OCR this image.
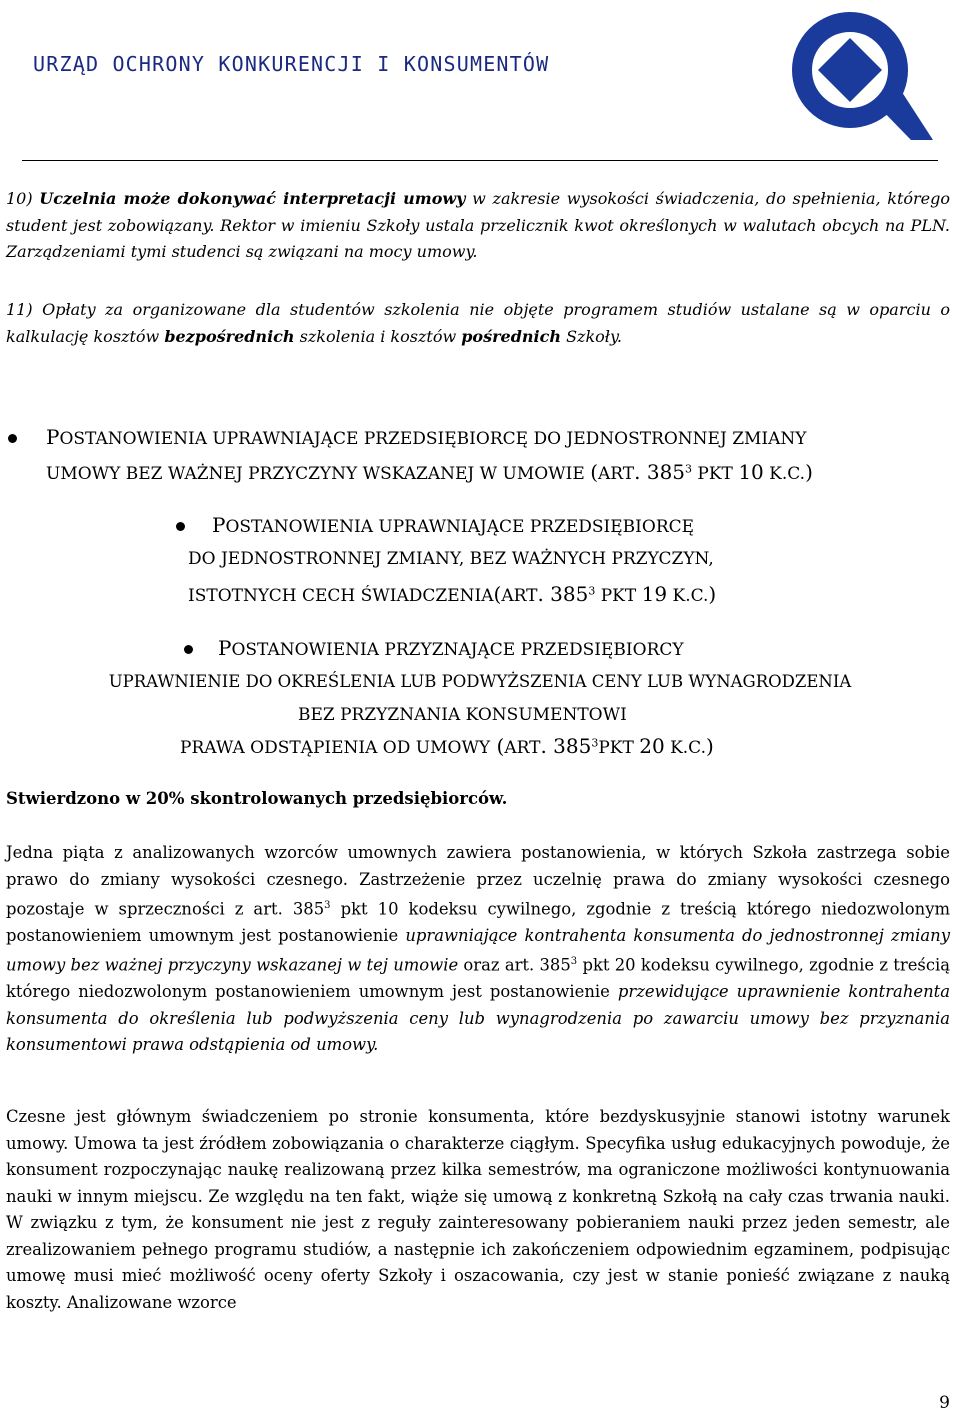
URZĄD OCHRONY KONKURENCJI I KONSUMENTÓW

10) Uczelnia może dokonywać interpretacji umowy w zakresie wysokości świadczenia, do spełnienia, którego student jest zobowiązany. Rektor w imieniu Szkoły ustala przelicznik kwot określonych w walutach obcych na PLN. Zarządzeniami tymi studenci są związani na mocy umowy.

11) Opłaty za organizowane dla studentów szkolenia nie objęte programem studiów ustalane są w oparciu o kalkulację kosztów bezpośrednich szkolenia i kosztów pośrednich Szkoły.

POSTANOWIENIA UPRAWNIAJĄCE PRZEDSIĘBIORCĘ DO JEDNOSTRONNEJ ZMIANY

UMOWY BEZ WAŻNEJ PRZYCZYNY WSKAZANEJ W UMOWIE (ART. $385^3$ PKT 10 K.C.)

POSTANOWIENIA UPRAWNIAJĄCE PRZEDSIĘBIORCĘ

DO JEDNOSTRONNEJ ZMIANY, BEZ WAŻNYCH PRZYCZYN,

ISTOTNYCH CECH ŚWIADCZENIA(ART. $385^3$ PKT 19 K.C.)

POSTANOWIENIA PRZYZNAJĄCE PRZEDSIĘBIORCY

UPRAWNIENIE DO OKREŚLENIA LUB PODWYŻSZENIA CENY LUB WYNAGRODZENIA

BEZ PRZYZNANIA KONSUMENTOWI

PRAWA ODSTĄPIENIA OD UMOWY (ART. $385^3PKT$ 20 K.C.)

Stwierdzono w 20% skontrolowanych przedsiębiorców.

Jedna piąta z analizowanych wzorców umownych zawiera postanowienia, w których Szkoła zastrzega sobie prawo do zmiany wysokości czesnego. Zastrzeżenie przez uczelnię prawa do zmiany wysokości czesnego pozostaje w sprzeczności z art. $385^3$ pkt 10 kodeksu cywilnego, zgodnie z treścią którego niedozwolonym postanowieniem umownym jest postanowienie uprawniające kontrahenta konsumenta do jednostronnej zmiany umowy bez ważnej przyczyny wskazanej w tej umowie oraz art. $385^3$ pkt 20 kodeksu cywilnego, zgodnie z treścią którego niedozwolonym postanowieniem umownym jest postanowienie przewidujące uprawnienie kontrahenta konsumenta do określenia lub podwyższenia ceny lub wynagrodzenia po zawarciu umowy bez przyznania konsumentowi prawa odstąpienia od umowy.

Czesne jest głównym świadczeniem po stronie konsumenta, które bezdyskusyjnie stanowi istotny warunek umowy. Umowa ta jest źródłem zobowiązania o charakterze ciągłym. Specyfika usług edukacyjnych powoduje, że konsument rozpoczynając naukę realizowaną przez kilka semestrów, ma ograniczone możliwości kontynuowania nauki w innym miejscu. Ze względu na ten fakt, wiąże się umową z konkretną Szkołą na cały czas trwania nauki. W związku z tym, że konsument nie jest z reguły zainteresowany pobieraniem nauki przez jeden semestr, ale zrealizowaniem pełnego programu studiów, a następnie ich zakończeniem odpowiednim egzaminem, podpisując umowę musi mieć możliwość oceny oferty Szkoły i oszacowania, czy jest w stanie ponieść związane z nauką koszty. Analizowane wzorce

9
